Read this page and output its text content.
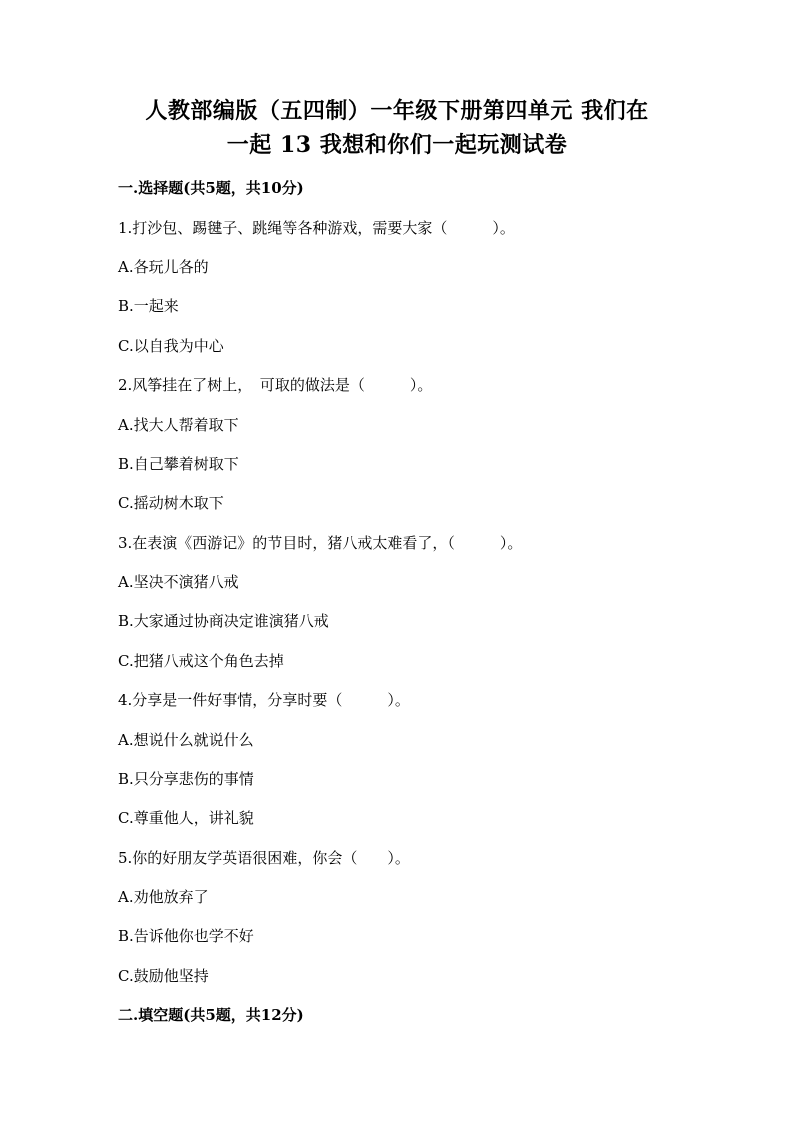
人教部编版（五四制）一年级下册第四单元 我们在
一起 13 我想和你们一起玩测试卷

一.选择题(共5题，共10分)

1.打沙包、踢毽子、跳绳等各种游戏，需要大家（　　　）。

A.各玩儿各的

B.一起来

C.以自我为中心

2.风筝挂在了树上，　可取的做法是（　　　）。

A.找大人帮着取下

B.自己攀着树取下

C.摇动树木取下

3.在表演《西游记》的节目时，猪八戒太难看了，（　　　）。

A.坚决不演猪八戒

B.大家通过协商决定谁演猪八戒

C.把猪八戒这个角色去掉

4.分享是一件好事情，分享时要（　　　）。

A.想说什么就说什么

B.只分享悲伤的事情

C.尊重他人，讲礼貌

5.你的好朋友学英语很困难，你会（　　）。

A.劝他放弃了

B.告诉他你也学不好

C.鼓励他坚持

二.填空题(共5题，共12分)
